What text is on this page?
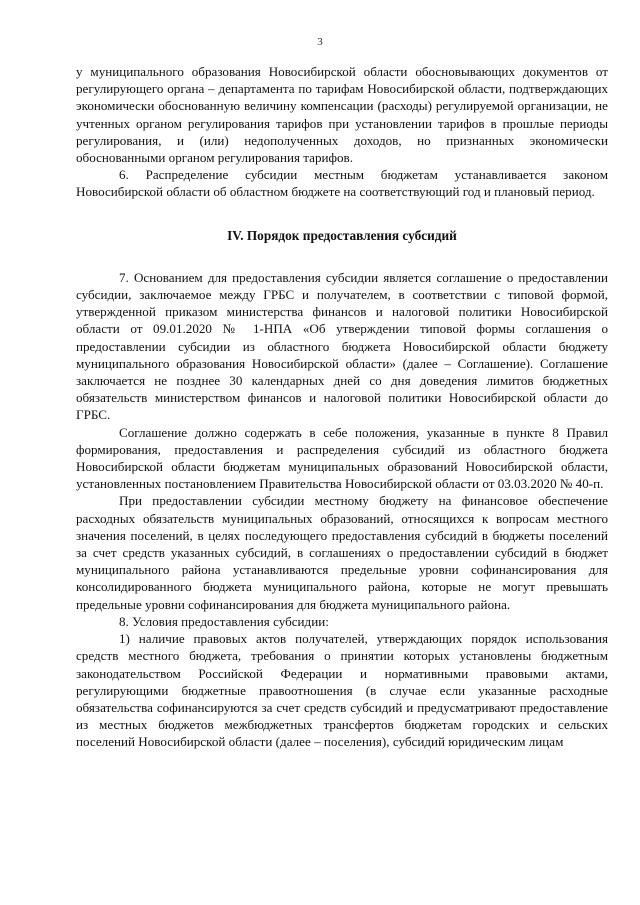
3

у муниципального образования Новосибирской области обосновывающих документов от регулирующего органа – департамента по тарифам Новосибирской области, подтверждающих экономически обоснованную величину компенсации (расходы) регулируемой организации, не учтенных органом регулирования тарифов при установлении тарифов в прошлые периоды регулирования, и (или) недополученных доходов, но признанных экономически обоснованными органом регулирования тарифов.

6. Распределение субсидии местным бюджетам устанавливается законом Новосибирской области об областном бюджете на соответствующий год и плановый период.

IV. Порядок предоставления субсидий

7. Основанием для предоставления субсидии является соглашение о предоставлении субсидии, заключаемое между ГРБС и получателем, в соответствии с типовой формой, утвержденной приказом министерства финансов и налоговой политики Новосибирской области от 09.01.2020 № 1-НПА «Об утверждении типовой формы соглашения о предоставлении субсидии из областного бюджета Новосибирской области бюджету муниципального образования Новосибирской области» (далее – Соглашение). Соглашение заключается не позднее 30 календарных дней со дня доведения лимитов бюджетных обязательств министерством финансов и налоговой политики Новосибирской области до ГРБС.

Соглашение должно содержать в себе положения, указанные в пункте 8 Правил формирования, предоставления и распределения субсидий из областного бюджета Новосибирской области бюджетам муниципальных образований Новосибирской области, установленных постановлением Правительства Новосибирской области от 03.03.2020 № 40-п.

При предоставлении субсидии местному бюджету на финансовое обеспечение расходных обязательств муниципальных образований, относящихся к вопросам местного значения поселений, в целях последующего предоставления субсидий в бюджеты поселений за счет средств указанных субсидий, в соглашениях о предоставлении субсидий в бюджет муниципального района устанавливаются предельные уровни софинансирования для консолидированного бюджета муниципального района, которые не могут превышать предельные уровни софинансирования для бюджета муниципального района.

8. Условия предоставления субсидии:

1) наличие правовых актов получателей, утверждающих порядок использования средств местного бюджета, требования о принятии которых установлены бюджетным законодательством Российской Федерации и нормативными правовыми актами, регулирующими бюджетные правоотношения (в случае если указанные расходные обязательства софинансируются за счет средств субсидий и предусматривают предоставление из местных бюджетов межбюджетных трансфертов бюджетам городских и сельских поселений Новосибирской области (далее – поселения), субсидий юридическим лицам
